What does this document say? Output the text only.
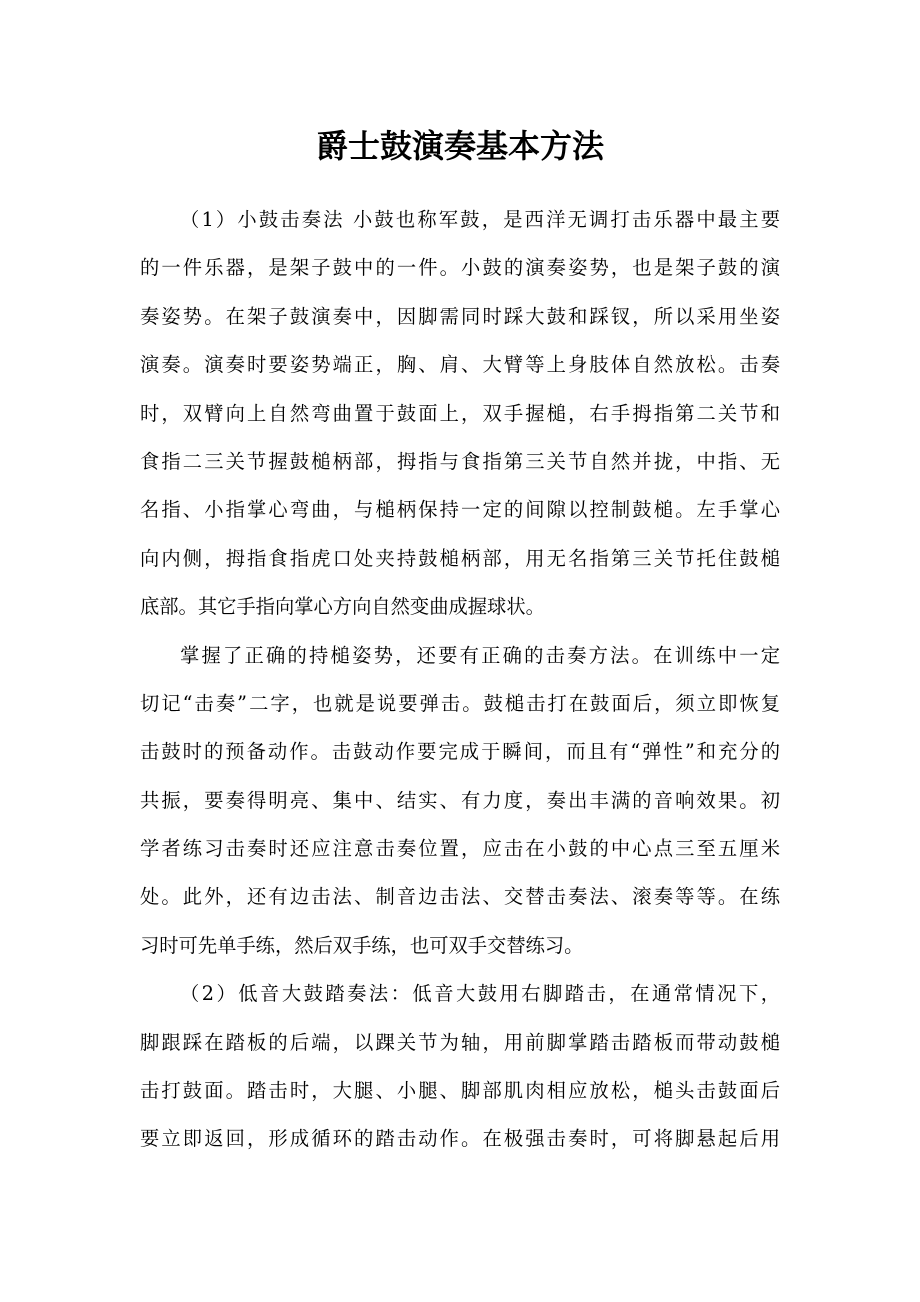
爵士鼓演奏基本方法
（1）小鼓击奏法 小鼓也称军鼓，是西洋无调打击乐器中最主要
的一件乐器，是架子鼓中的一件。小鼓的演奏姿势，也是架子鼓的演
奏姿势。在架子鼓演奏中，因脚需同时踩大鼓和踩钗，所以采用坐姿
演奏。演奏时要姿势端正，胸、肩、大臂等上身肢体自然放松。击奏
时，双臂向上自然弯曲置于鼓面上，双手握槌，右手拇指第二关节和
食指二三关节握鼓槌柄部，拇指与食指第三关节自然并拢，中指、无
名指、小指掌心弯曲，与槌柄保持一定的间隙以控制鼓槌。左手掌心
向内侧，拇指食指虎口处夹持鼓槌柄部，用无名指第三关节托住鼓槌
底部。其它手指向掌心方向自然变曲成握球状。
掌握了正确的持槌姿势，还要有正确的击奏方法。在训练中一定
切记“击奏”二字，也就是说要弹击。鼓槌击打在鼓面后，须立即恢复
击鼓时的预备动作。击鼓动作要完成于瞬间，而且有“弹性”和充分的
共振，要奏得明亮、集中、结实、有力度，奏出丰满的音响效果。初
学者练习击奏时还应注意击奏位置，应击在小鼓的中心点三至五厘米
处。此外，还有边击法、制音边击法、交替击奏法、滚奏等等。在练
习时可先单手练，然后双手练，也可双手交替练习。
（2）低音大鼓踏奏法：低音大鼓用右脚踏击，在通常情况下，
脚跟踩在踏板的后端，以踝关节为轴，用前脚掌踏击踏板而带动鼓槌
击打鼓面。踏击时，大腿、小腿、脚部肌肉相应放松，槌头击鼓面后
要立即返回，形成循环的踏击动作。在极强击奏时，可将脚悬起后用
